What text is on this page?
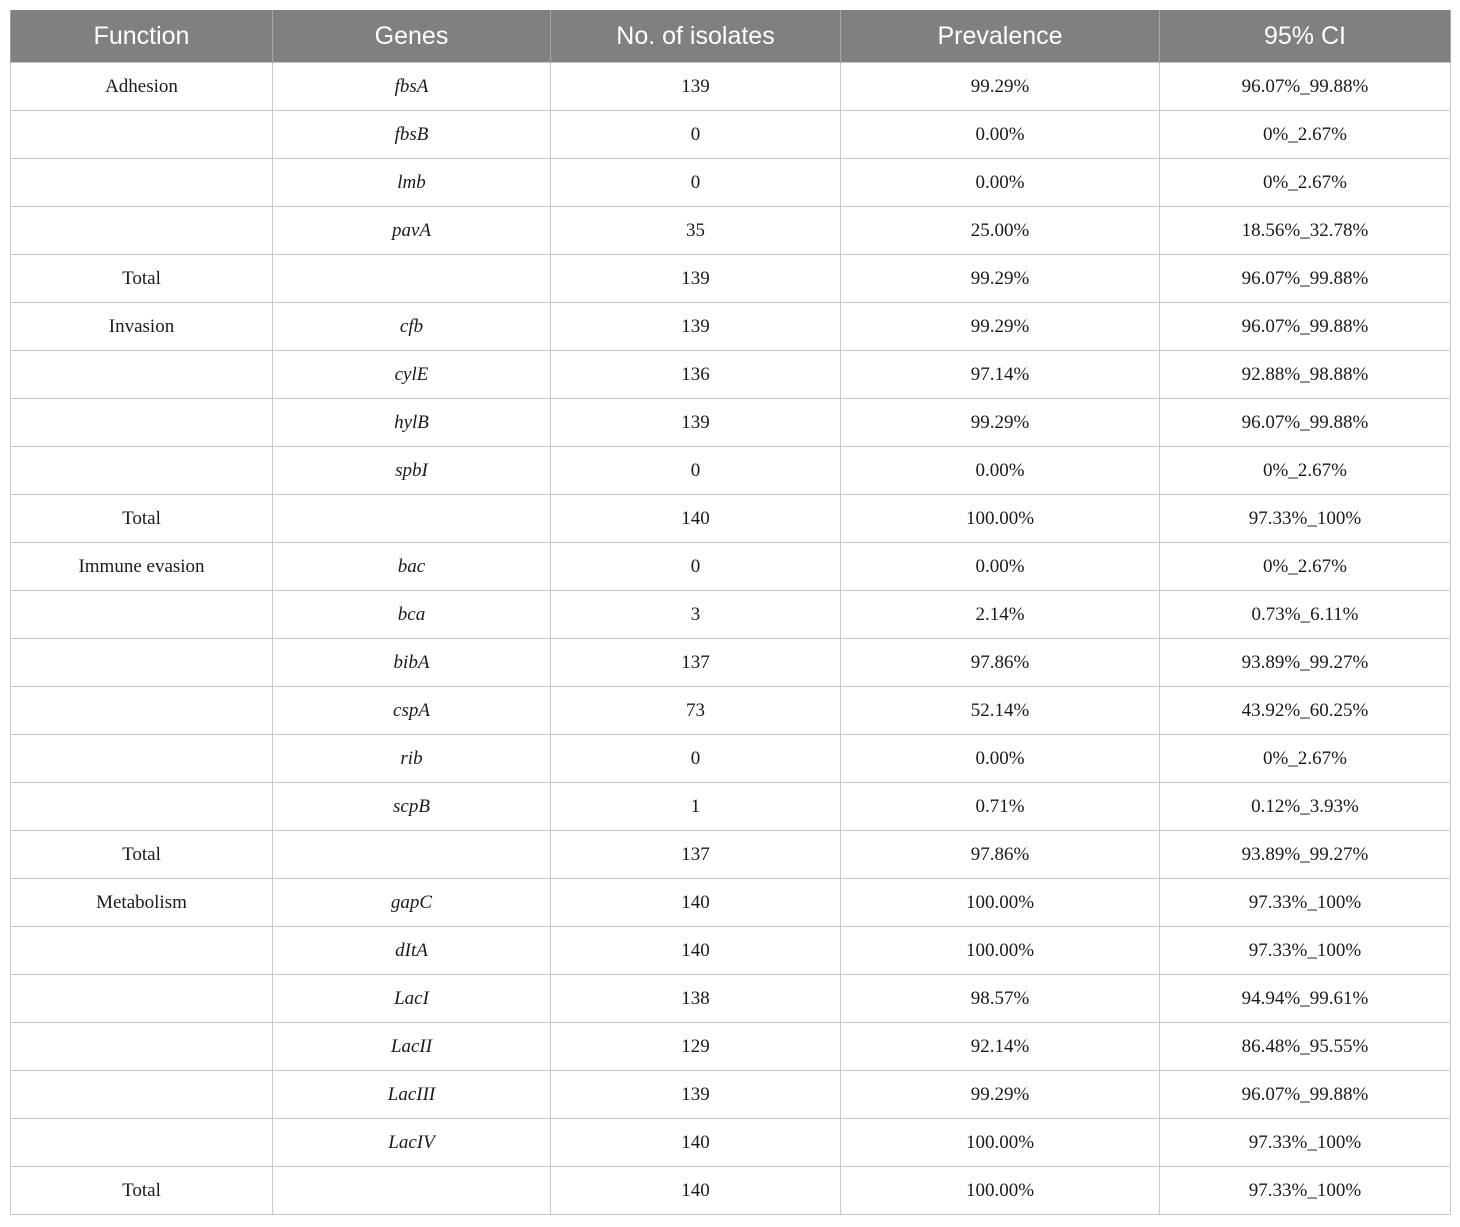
Function	Genes	No. of isolates	Prevalence	95% CI
Adhesion	fbsA	139	99.29%	96.07%_99.88%
	fbsB	0	0.00%	0%_2.67%
	lmb	0	0.00%	0%_2.67%
	pavA	35	25.00%	18.56%_32.78%
Total		139	99.29%	96.07%_99.88%
Invasion	cfb	139	99.29%	96.07%_99.88%
	cylE	136	97.14%	92.88%_98.88%
	hylB	139	99.29%	96.07%_99.88%
	spbI	0	0.00%	0%_2.67%
Total		140	100.00%	97.33%_100%
Immune evasion	bac	0	0.00%	0%_2.67%
	bca	3	2.14%	0.73%_6.11%
	bibA	137	97.86%	93.89%_99.27%
	cspA	73	52.14%	43.92%_60.25%
	rib	0	0.00%	0%_2.67%
	scpB	1	0.71%	0.12%_3.93%
Total		137	97.86%	93.89%_99.27%
Metabolism	gapC	140	100.00%	97.33%_100%
	dItA	140	100.00%	97.33%_100%
	LacI	138	98.57%	94.94%_99.61%
	LacII	129	92.14%	86.48%_95.55%
	LacIII	139	99.29%	96.07%_99.88%
	LacIV	140	100.00%	97.33%_100%
Total		140	100.00%	97.33%_100%
